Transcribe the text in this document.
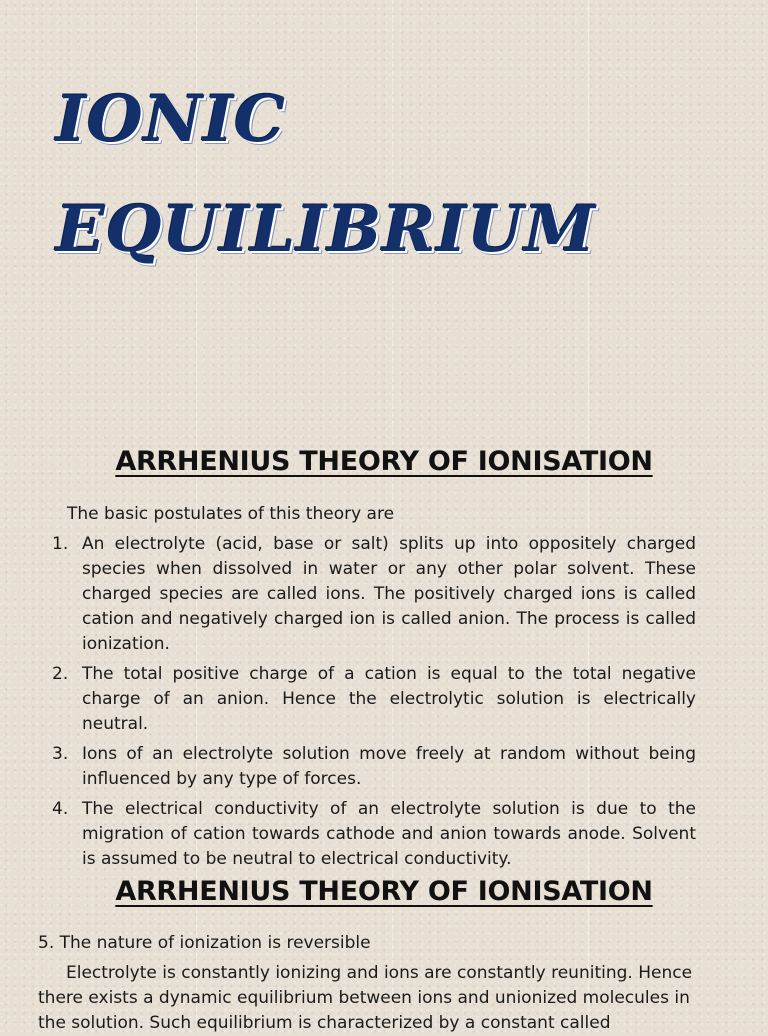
IONIC
EQUILIBRIUM
ARRHENIUS THEORY OF IONISATION

The basic postulates of this theory are

1. An electrolyte (acid, base or salt) splits up into oppositely charged species when dissolved in water or any other polar solvent. These charged species are called ions. The positively charged ions is called cation and negatively charged ion is called anion. The process is called ionization.
2. The total positive charge of a cation is equal to the total negative charge of an anion. Hence the electrolytic solution is electrically neutral.
3. Ions of an electrolyte solution move freely at random without being influenced by any type of forces.
4. The electrical conductivity of an electrolyte solution is due to the migration of cation towards cathode and anion towards anode. Solvent is assumed to be neutral to electrical conductivity.
ARRHENIUS THEORY OF IONISATION

5. The nature of ionization is reversible

Electrolyte is constantly ionizing and ions are constantly reuniting. Hence there exists a dynamic equilibrium between ions and unionized molecules in the solution. Such equilibrium is characterized by a constant called
